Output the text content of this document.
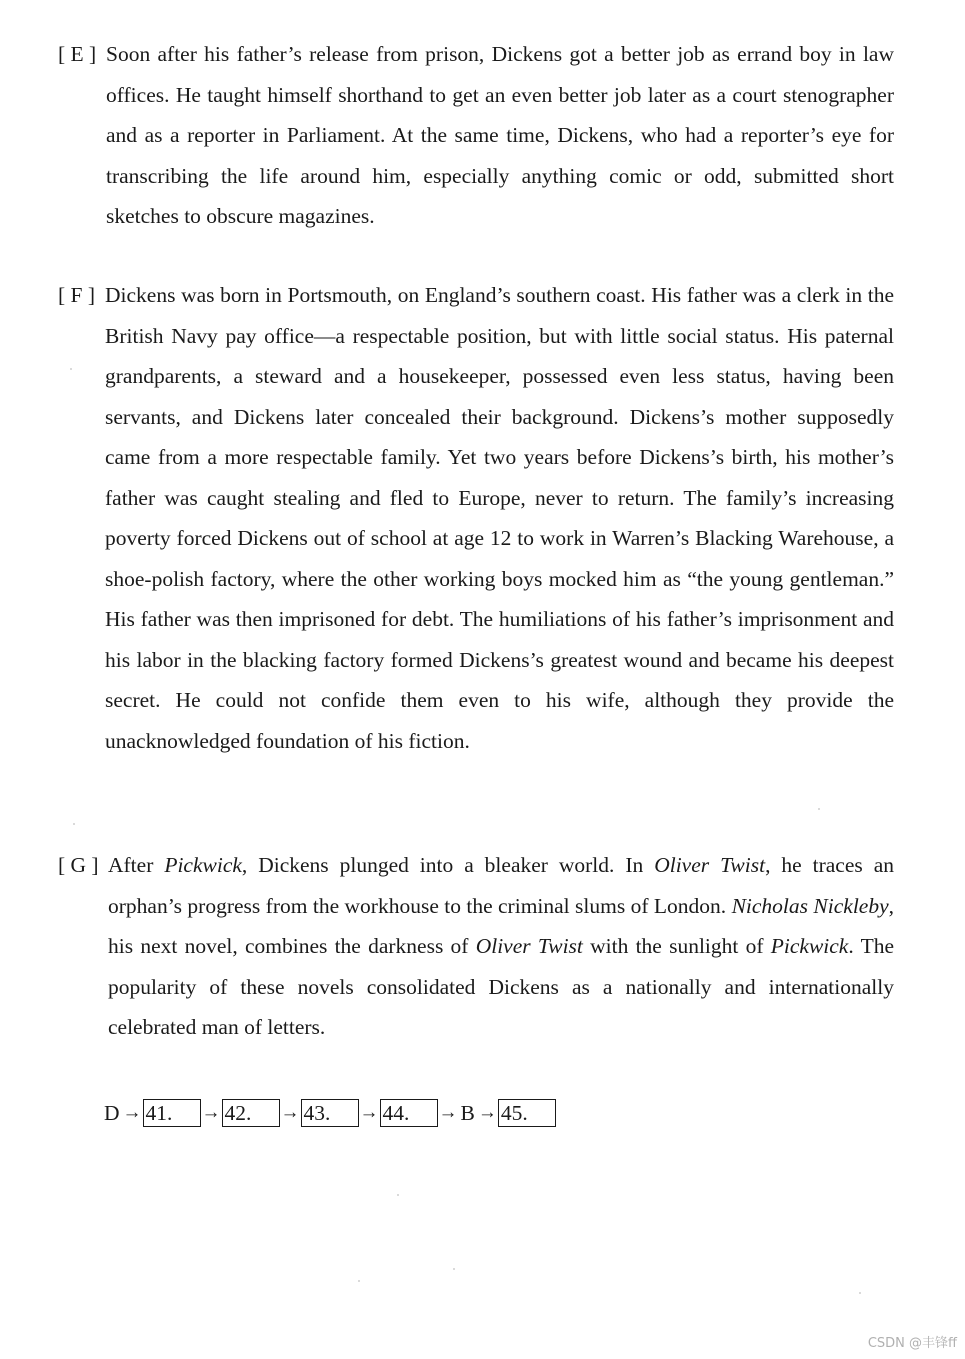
[ E ] Soon after his father’s release from prison, Dickens got a better job as errand boy in law offices. He taught himself shorthand to get an even better job later as a court stenographer and as a reporter in Parliament. At the same time, Dickens, who had a reporter’s eye for transcribing the life around him, especially anything comic or odd, submitted short sketches to obscure magazines.
[ F ] Dickens was born in Portsmouth, on England’s southern coast. His father was a clerk in the British Navy pay office—a respectable position, but with little social status. His paternal grandparents, a steward and a housekeeper, possessed even less status, having been servants, and Dickens later concealed their background. Dickens’s mother supposedly came from a more respectable family. Yet two years before Dickens’s birth, his mother’s father was caught stealing and fled to Europe, never to return. The family’s increasing poverty forced Dickens out of school at age 12 to work in Warren’s Blacking Warehouse, a shoe-polish factory, where the other working boys mocked him as “the young gentleman.” His father was then imprisoned for debt. The humiliations of his father’s imprisonment and his labor in the blacking factory formed Dickens’s greatest wound and became his deepest secret. He could not confide them even to his wife, although they provide the unacknowledged foundation of his fiction.
[ G ] After Pickwick, Dickens plunged into a bleaker world. In Oliver Twist, he traces an orphan’s progress from the workhouse to the criminal slums of London. Nicholas Nickleby, his next novel, combines the darkness of Oliver Twist with the sunlight of Pickwick. The popularity of these novels consolidated Dickens as a nationally and internationally celebrated man of letters.
D → 41.	→ 42.	→ 43.	→ 44.	→ B → 45.
CSDN @丰锋ff
